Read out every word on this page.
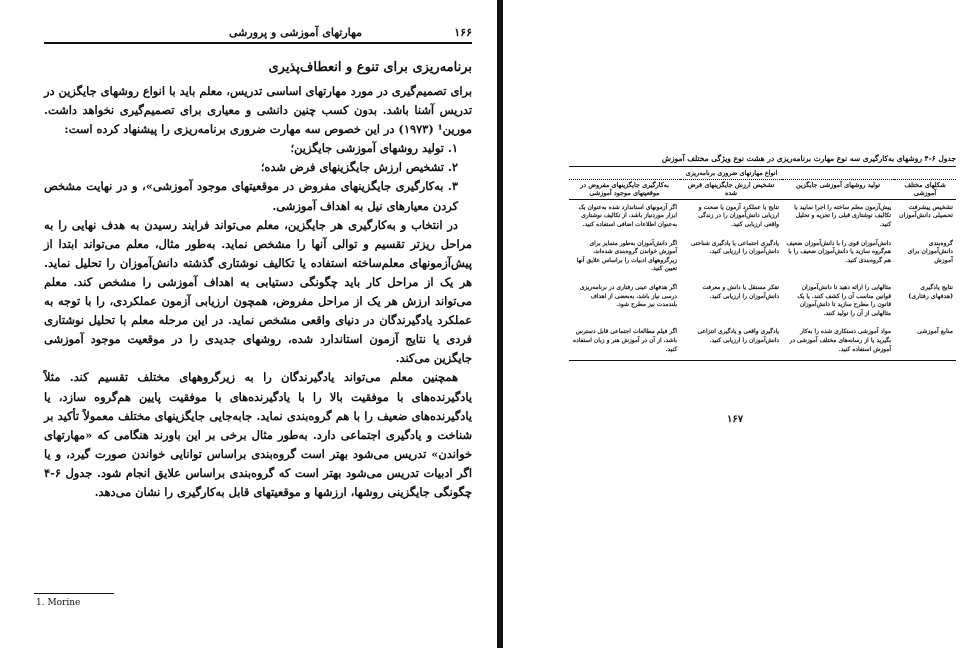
مهارتهای آموزشی و پرورشی	۱۶۶
برنامه‌ریزی برای تنوع و انعطاف‌پذیری

برای تصمیم‌گیری در مورد مهارتهای اساسی تدریس، معلم باید با انواع روشهای جایگزین در تدریس آشنا باشد. بدون کسب چنین دانشی و معیاری برای تصمیم‌گیری نخواهد داشت. مورین¹ (۱۹۷۳) در این خصوص سه مهارت ضروری برنامه‌ریزی را پیشنهاد کرده است:

۱. تولید روشهای آموزشی جایگزین؛
۲. تشخیص ارزش جایگزینهای فرض شده؛
۳. به‌کارگیری جایگزینهای مفروض در موقعیتهای موجود آموزشی»، و در نهایت مشخص کردن معیارهای نیل به اهداف آموزشی.

در انتخاب و به‌کارگیری هر جایگزین، معلم می‌تواند فرایند رسیدن به هدف نهایی را به مراحل ریزتر تقسیم و توالی آنها را مشخص نماید. به‌طور مثال، معلم می‌تواند ابتدا از پیش‌آزمونهای معلم‌ساخته استفاده یا تکالیف نوشتاری گذشته دانش‌آموزان را تحلیل نماید. هر یک از مراحل کار باید چگونگی دستیابی به اهداف آموزشی را مشخص کند. معلم می‌تواند ارزش هر یک از مراحل مفروض، همچون ارزیابی آزمون عملکردی، را با توجه به عملکرد یادگیرندگان در دنیای واقعی مشخص نماید. در این مرحله معلم با تحلیل نوشتاری فردی یا نتایج آزمون استاندارد شده، روشهای جدیدی را در موقعیت موجود آموزشی جایگزین می‌کند.

همچنین معلم می‌تواند یادگیرندگان را به زیرگروههای مختلف تقسیم کند. مثلاً یادگیرنده‌های با موفقیت بالا را با یادگیرنده‌های با موفقیت پایین هم‌گروه سازد، یا یادگیرنده‌های ضعیف را با هم گروه‌بندی نماید. جابه‌جایی جایگزینهای مختلف معمولاً تأکید بر شناخت و یادگیری اجتماعی دارد. به‌طور مثال برخی بر این باورند هنگامی که «مهارتهای خواندن» تدریس می‌شود بهتر است گروه‌بندی براساس توانایی خواندن صورت گیرد، و یا اگر ادبیات تدریس می‌شود بهتر است که گروه‌بندی براساس علایق انجام شود. جدول ۶-۴ چگونگی جایگزینی روشها، ارزشها و موقعیتهای قابل به‌کارگیری را نشان می‌دهد.

1. Morine
جدول ۶-۴ روشهای به‌کارگیری سه نوع مهارت برنامه‌ریزی در هشت نوع ویژگی مختلف آموزش
	انواع مهارتهای ضروری برنامه‌ریزی		
شکلهای مختلف آموزشی	تولید روشهای آموزشی جایگزین	تشخیص ارزش جایگزینهای فرض شده	به‌کارگیری جایگزینهای مفروض در موقعیتهای موجود آموزشی
تشخیص پیشرفت تحصیلی دانش‌آموزان	پیش‌آزمون معلم ساخته را اجرا نمایید یا تکالیف نوشتاری قبلی را تجزیه و تحلیل کنید.	نتایج یا عملکرد آزمون یا صحت و ارزیابی دانش‌آموزان را در زندگی واقعی ارزیابی کنید.	اگر آزمونهای استاندارد شده به‌عنوان یک ابزار موردنیاز باشد، از تکالیف نوشتاری به‌عنوان اطلاعات اضافی استفاده کنید.
گروه‌بندی دانش‌آموزان برای آموزش	دانش‌آموزان قوی را با دانش‌آموزان ضعیف هم‌گروه سازید یا دانش‌آموزان ضعیف را با هم گروه‌بندی کنید.	یادگیری اجتماعی یا یادگیری شناختی دانش‌آموزان را ارزیابی کنید.	اگر دانش‌آموزان به‌طور متمایز برای آموزش خواندن گروه‌بندی شده‌اند، زیرگروههای ادبیات را براساس علایق آنها تعیین کنید.
نتایج یادگیری (هدفهای رفتاری)	مثالهایی را ارائه دهید تا دانش‌آموزان قوانین مناسب آن را کشف کنند. یا یک قانون را مطرح سازید تا دانش‌آموزان مثالهایی از آن را تولید کنند.	تفکر مستقل یا دانش و معرفت دانش‌آموزان را ارزیابی کنید.	اگر هدفهای عینی رفتاری در برنامه‌ریزی درسی نیاز باشد، به‌بعضی از اهداف بلندمدت نیز مطرح شود.
منابع آموزشی	مواد آموزشی دستکاری شده را به‌کار بگیرید یا از رسانه‌های مختلف آموزشی در آموزش استفاده کنید.	یادگیری واقعی و یادگیری انتزاعی دانش‌آموزان را ارزیابی کنید.	اگر فیلم مطالعات اجتماعی قابل دسترس باشد، از آن در آموزش هنر و زبان استفاده کنید.
۱۶۷
